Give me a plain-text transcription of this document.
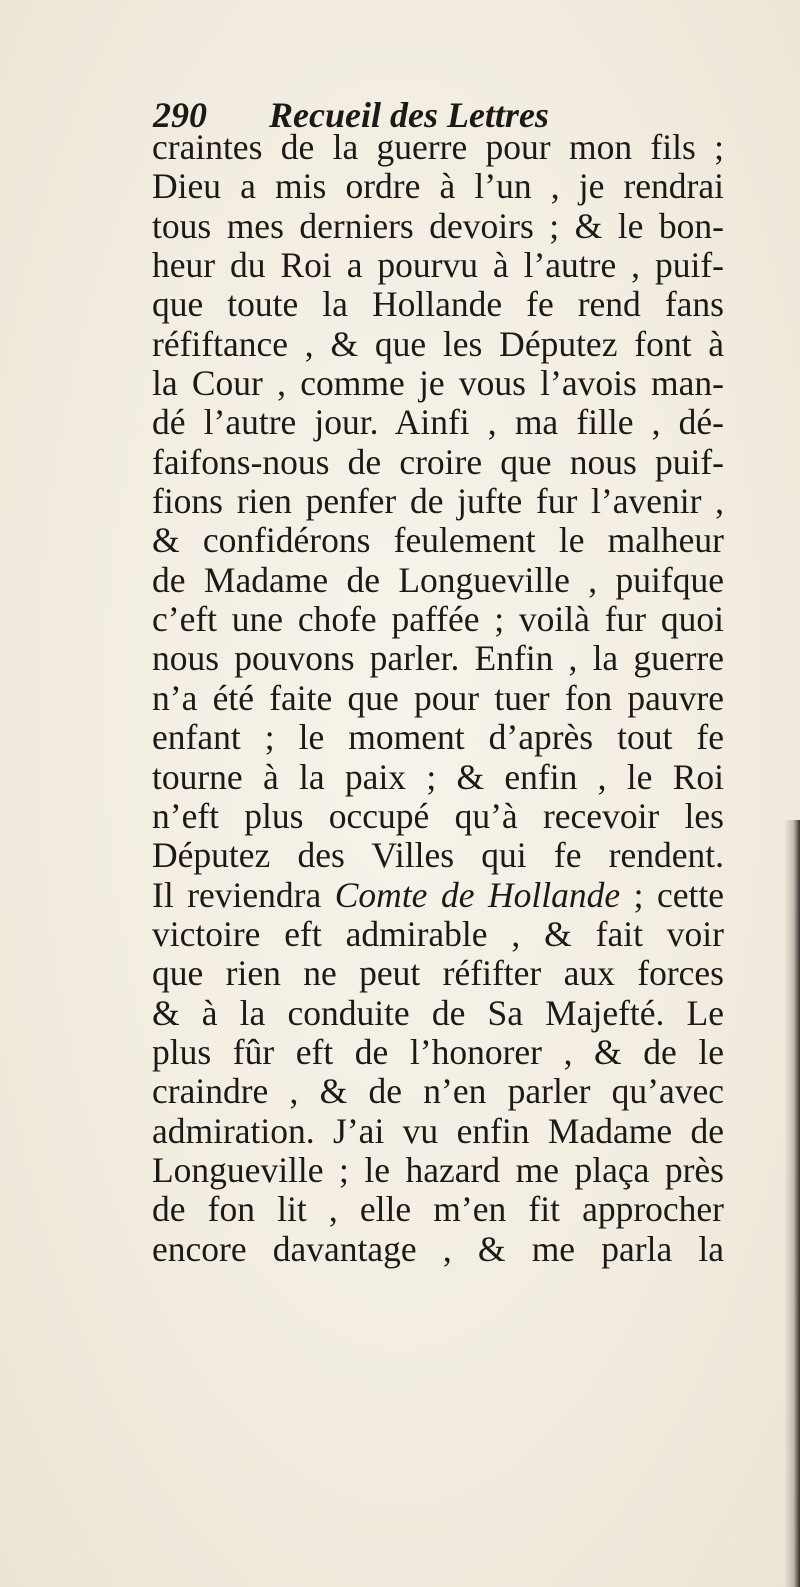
290 Recueil des Lettres
craintes de la guerre pour mon fils ;
Dieu a mis ordre à l’un , je rendrai
tous mes derniers devoirs ; & le bon-
heur du Roi a pourvu à l’autre , puif-
que toute la Hollande fe rend fans
réfiftance , & que les Députez font à
la Cour , comme je vous l’avois man-
dé l’autre jour. Ainfi , ma fille , dé-
faifons-nous de croire que nous puif-
fions rien penfer de jufte fur l’avenir ,
& confidérons feulement le malheur
de Madame de Longueville , puifque
c’eft une chofe paffée ; voilà fur quoi
nous pouvons parler. Enfin , la guerre
n’a été faite que pour tuer fon pauvre
enfant ; le moment d’après tout fe
tourne à la paix ; & enfin , le Roi
n’eft plus occupé qu’à recevoir les
Députez des Villes qui fe rendent.
Il reviendra Comte de Hollande ; cette
victoire eft admirable , & fait voir
que rien ne peut réfifter aux forces
& à la conduite de Sa Majefté. Le
plus fûr eft de l’honorer , & de le
craindre , & de n’en parler qu’avec
admiration. J’ai vu enfin Madame de
Longueville ; le hazard me plaça près
de fon lit , elle m’en fit approcher
encore davantage , & me parla la
